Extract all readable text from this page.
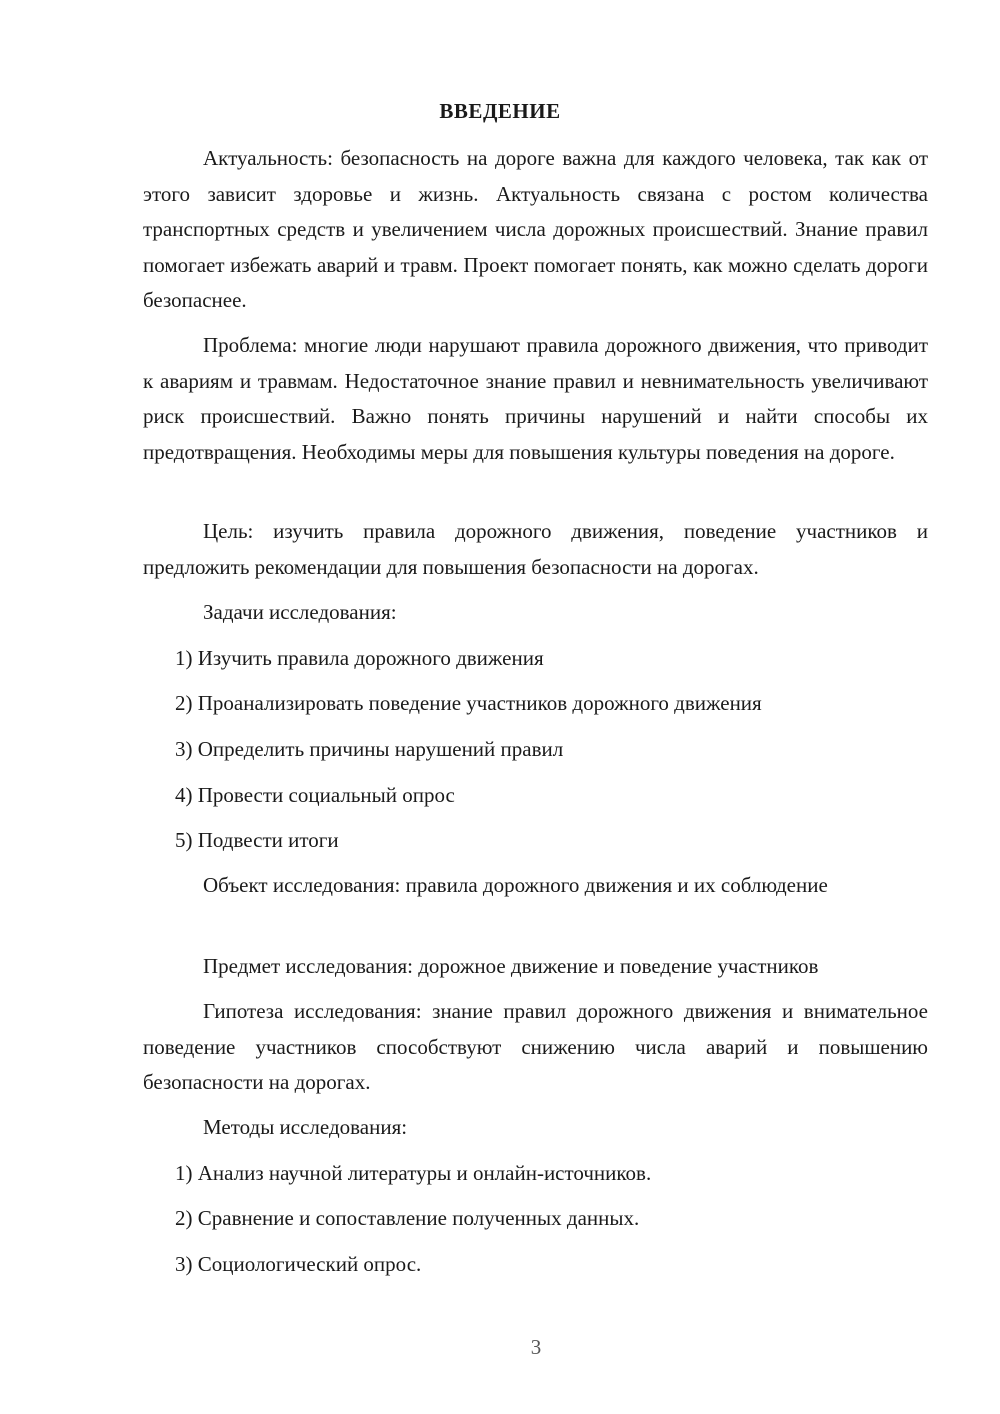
ВВЕДЕНИЕ

Актуальность: безопасность на дороге важна для каждого человека, так как от этого зависит здоровье и жизнь. Актуальность связана с ростом количества транспортных средств и увеличением числа дорожных происшествий. Знание правил помогает избежать аварий и травм. Проект помогает понять, как можно сделать дороги безопаснее.

Проблема: многие люди нарушают правила дорожного движения, что приводит к авариям и травмам. Недостаточное знание правил и невнимательность увеличивают риск происшествий. Важно понять причины нарушений и найти способы их предотвращения. Необходимы меры для повышения культуры поведения на дороге.

Цель: изучить правила дорожного движения, поведение участников и предложить рекомендации для повышения безопасности на дорогах.

Задачи исследования:
1) Изучить правила дорожного движения
2) Проанализировать поведение участников дорожного движения
3) Определить причины нарушений правил
4) Провести социальный опрос
5) Подвести итоги

Объект исследования: правила дорожного движения и их соблюдение

Предмет исследования: дорожное движение и поведение участников

Гипотеза исследования: знание правил дорожного движения и внимательное поведение участников способствуют снижению числа аварий и повышению безопасности на дорогах.

Методы исследования:
1) Анализ научной литературы и онлайн-источников.
2) Сравнение и сопоставление полученных данных.
3) Социологический опрос.
3
